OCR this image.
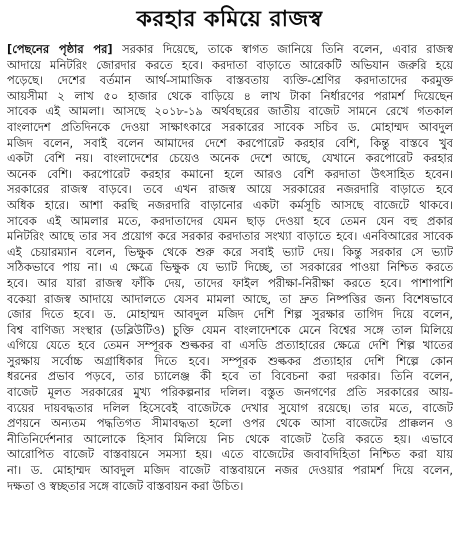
করহার কমিয়ে রাজস্ব
[পেছনের পৃষ্ঠার পর] সরকার দিয়েছে, তাকে স্বাগত জানিয়ে তিনি বলেন, এবার রাজস্ব
আদায়ে মনিটরিং জোরদার করতে হবে। করদাতা বাড়াতে আরেকটি অভিযান জরুরি হয়ে
পড়েছে। দেশের বর্তমান আর্থ-সামাজিক বাস্তবতায় ব্যক্তি-শ্রেণির করদাতাদের করমুক্ত
আয়সীমা ২ লাখ ৫০ হাজার থেকে বাড়িয়ে ৪ লাখ টাকা নির্ধারণের পরামর্শ দিয়েছেন
সাবেক এই আমলা। আসছে ২০১৮-১৯ অর্থবছরের জাতীয় বাজেট সামনে রেখে গতকাল
বাংলাদেশ প্রতিদিনকে দেওয়া সাক্ষাৎকারে সরকারের সাবেক সচিব ড. মোহাম্মদ আবদুল
মজিদ বলেন, সবাই বলেন আমাদের দেশে করপোরেট করহার বেশি, কিন্তু বাস্তবে খুব
একটা বেশি নয়। বাংলাদেশের চেয়েও অনেক দেশে আছে, যেখানে করপোরেট করহার
অনেক বেশি। করপোরেট করহার কমানো হলে আরও বেশি করদাতা উৎসাহিত হবেন।
সরকারের রাজস্ব বাড়বে। তবে এখন রাজস্ব আয়ে সরকারের নজরদারি বাড়াতে হবে
অধিক হারে। আশা করছি নজরদারি বাড়ানোর একটা কর্মসূচি আসছে বাজেটে থাকবে।
সাবেক এই আমলার মতে, করদাতাদের যেমন ছাড় দেওয়া হবে তেমন যেন বহু প্রকার
মনিটরিং আছে তার সব প্রয়োগ করে সরকার করদাতার সংখ্যা বাড়াতে হবে। এনবিআরের সাবেক
এই চেয়ারম্যান বলেন, ভিক্ষুক থেকে শুরু করে সবাই ভ্যাট দেয়। কিন্তু সরকার সে ভ্যাট
সঠিকভাবে পায় না। এ ক্ষেত্রে ভিক্ষুক যে ভ্যাট দিচ্ছে, তা সরকারের পাওয়া নিশ্চিত করতে
হবে। আর যারা রাজস্ব ফাঁকি দেয়, তাদের ফাইল পরীক্ষা-নিরীক্ষা করতে হবে। পাশাপাশি
বকেয়া রাজস্ব আদায়ে আদালতে যেসব মামলা আছে, তা দ্রুত নিষ্পত্তির জন্য বিশেষভাবে
জোর দিতে হবে। ড. মোহাম্মদ আবদুল মজিদ দেশি শিল্প সুরক্ষার তাগিদ দিয়ে বলেন,
বিশ্ব বাণিজ্য সংস্থার (ডব্লিউটিও) চুক্তি যেমন বাংলাদেশকে মেনে বিশ্বের সঙ্গে তাল মিলিয়ে
এগিয়ে যেতে হবে তেমন সম্পূরক শুল্ককর বা এসডি প্রত্যাহারের ক্ষেত্রে দেশি শিল্প খাতের
সুরক্ষায় সর্বোচ্চ অগ্রাধিকার দিতে হবে। সম্পূরক শুল্ককর প্রত্যাহার দেশি শিল্পে কোন
ধরনের প্রভাব পড়বে, তার চ্যালেঞ্জ কী হবে তা বিবেচনা করা দরকার। তিনি বলেন,
বাজেট মূলত সরকারের মুখ্য পরিকল্পনার দলিল। বস্তুত জনগণের প্রতি সরকারের আয়-
ব্যয়ের দায়বদ্ধতার দলিল হিসেবেই বাজেটকে দেখার সুযোগ রয়েছে। তার মতে, বাজেট
প্রণয়নে অন্যতম পদ্ধতিগত সীমাবদ্ধতা হলো ওপর থেকে আসা বাজেটের প্রাক্কলন ও
নীতিনির্দেশনার আলোকে হিসাব মিলিয়ে নিচ থেকে বাজেট তৈরি করতে হয়। এভাবে
আরোপিত বাজেট বাস্তবায়নে সমস্যা হয়। এতে বাজেটের জবাবদিহিতা নিশ্চিত করা যায়
না। ড. মোহাম্মদ আবদুল মজিদ বাজেট বাস্তবায়নে নজর দেওয়ার পরামর্শ দিয়ে বলেন,
দক্ষতা ও স্বচ্ছতার সঙ্গে বাজেট বাস্তবায়ন করা উচিত।
